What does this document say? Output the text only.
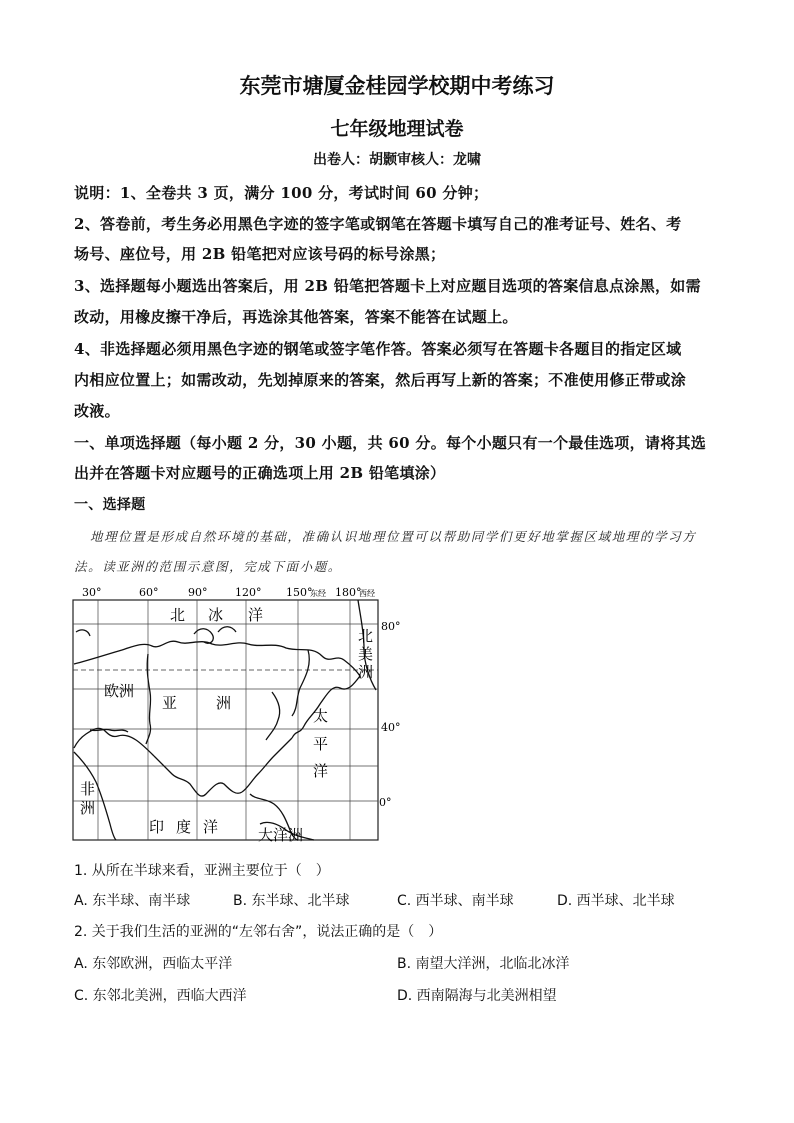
东莞市塘厦金桂园学校期中考练习
七年级地理试卷
出卷人：胡颢审核人：龙啸
说明：1、全卷共 3 页，满分 100 分，考试时间 60 分钟；
2、答卷前，考生务必用黑色字迹的签字笔或钢笔在答题卡填写自己的准考证号、姓名、考
场号、座位号，用 2B 铅笔把对应该号码的标号涂黑；
3、选择题每小题选出答案后，用 2B 铅笔把答题卡上对应题目选项的答案信息点涂黑，如需
改动，用橡皮擦干净后，再选涂其他答案，答案不能答在试题上。
4、非选择题必须用黑色字迹的钢笔或签字笔作答。答案必须写在答题卡各题目的指定区域
内相应位置上；如需改动，先划掉原来的答案，然后再写上新的答案；不准使用修正带或涂
改液。
一、单项选择题（每小题 2 分，30 小题，共 60 分。每个小题只有一个最佳选项，请将其选
出并在答题卡对应题号的正确选项上用 2B 铅笔填涂）
一、选择题
地理位置是形成自然环境的基础，准确认识地理位置可以帮助同学们更好地掌握区域地理的学习方
法。读亚洲的范围示意图，完成下面小题。
30°	60°	90°	120° 150°
东经 180°
西经
80°
40°
0°
北 冰 洋
北
美
洲
欧洲
亚	洲
太
平
洋
非
洲
印 度 洋	大洋洲
1. 从所在半球来看，亚洲主要位于（　）
A. 东半球、南半球	B. 东半球、北半球	C. 西半球、南半球	D. 西半球、北半球
2. 关于我们生活的亚洲的“左邻右舍”，说法正确的是（　）
A. 东邻欧洲，西临太平洋	B. 南望大洋洲，北临北冰洋
C. 东邻北美洲，西临大西洋	D. 西南隔海与北美洲相望
